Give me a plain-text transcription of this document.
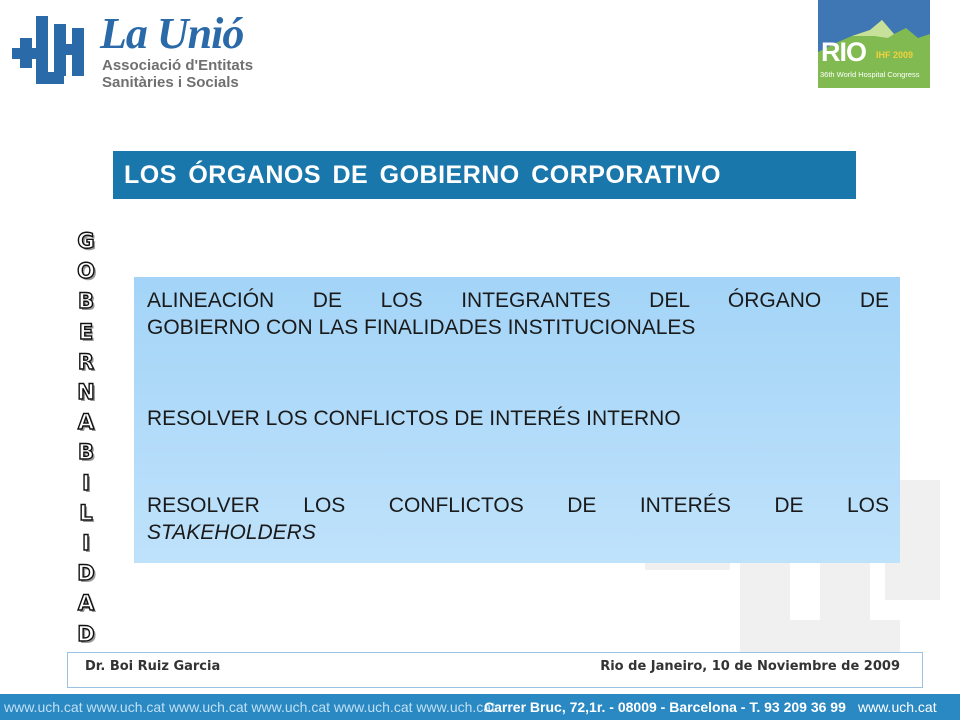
La Unió
Associació d'Entitats
Sanitàries i Socials
RIO IHF 2009
36th World Hospital Congress
LOS ÓRGANOS DE GOBIERNO CORPORATIVO
G
O
B
E
R
N
A
B
I
L
I
D
A
D
ALINEACIÓN DE LOS INTEGRANTES DEL ÓRGANO DE
GOBIERNO CON LAS FINALIDADES INSTITUCIONALES
RESOLVER LOS CONFLICTOS DE INTERÉS INTERNO
RESOLVER LOS CONFLICTOS DE INTERÉS DE LOS
STAKEHOLDERS
Dr. Boi Ruiz Garcia	Rio de Janeiro, 10 de Noviembre de 2009
www.uch.cat www.uch.cat www.uch.cat www.uch.cat www.uch.cat www.uch.cat
Carrer Bruc, 72,1r. - 08009 - Barcelona - T. 93 209 36 99 www.uch.cat
